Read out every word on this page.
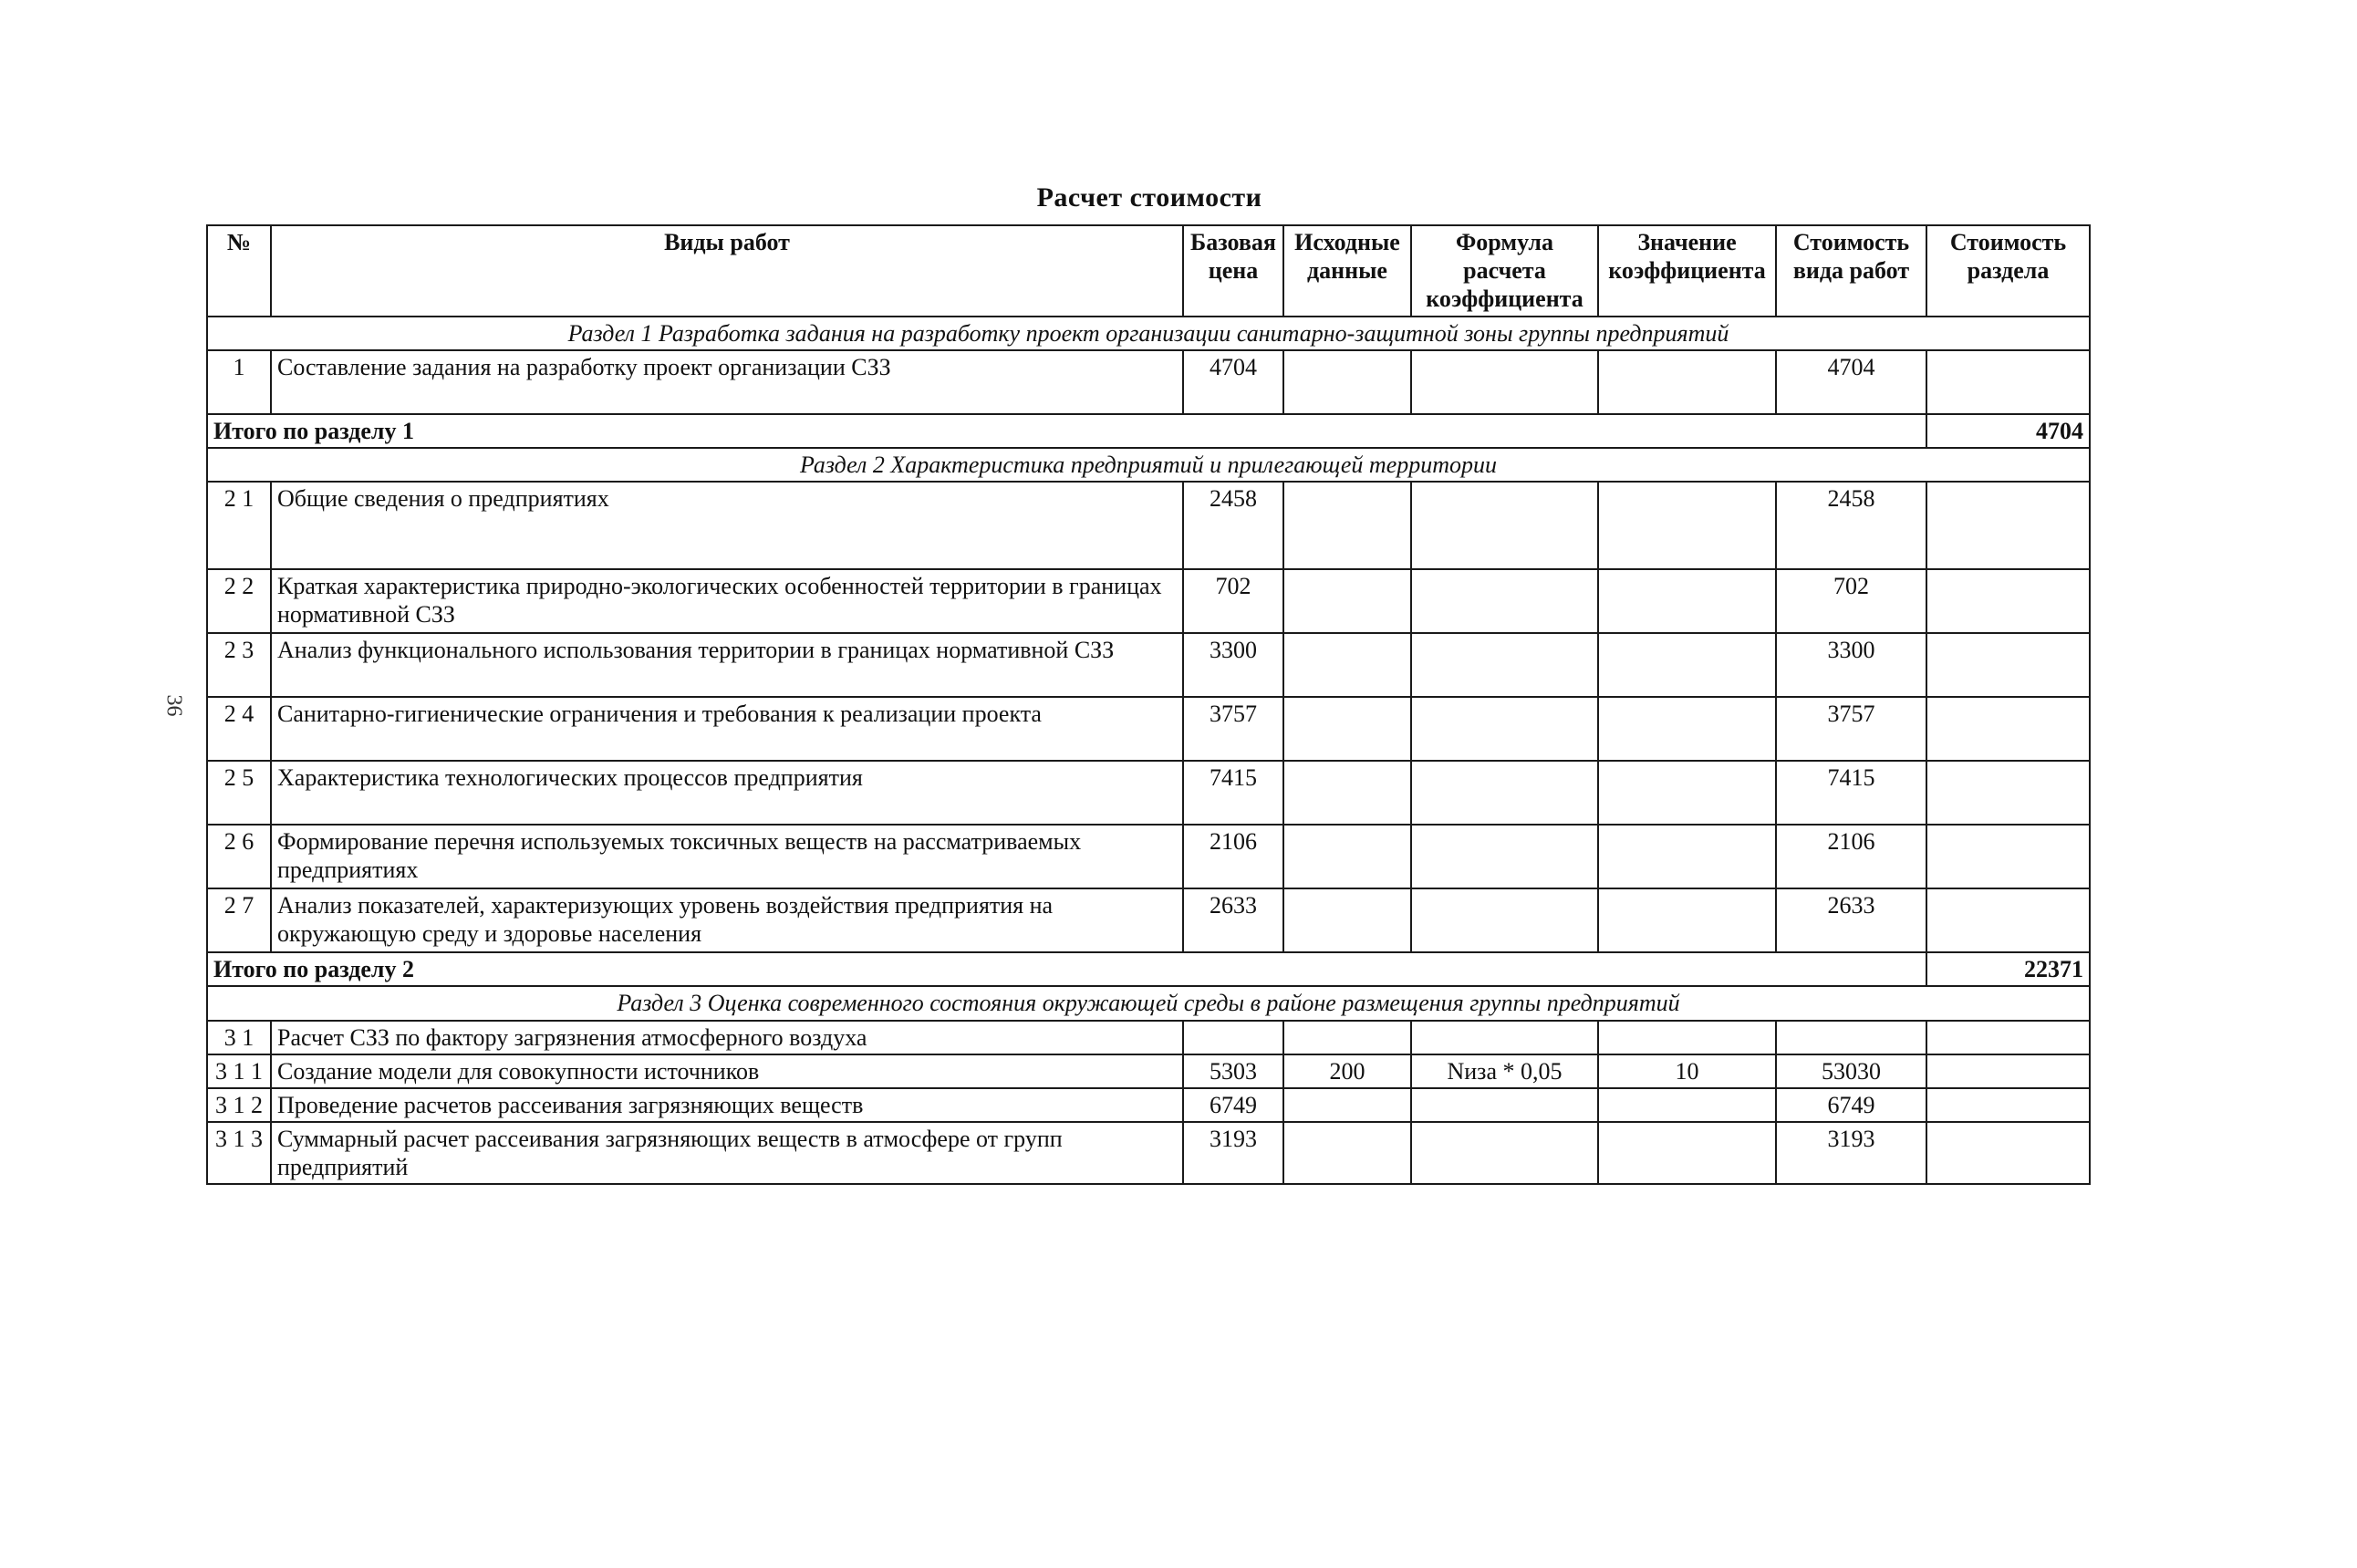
Расчет стоимости
36
№	Виды работ	Базовая цена	Исходные данные	Формула расчета коэффициента	Значение коэффициента	Стоимость вида работ	Стоимость раздела
Раздел 1 Разработка задания на разработку проект организации санитарно-защитной зоны группы предприятий							
1	Составление задания на разработку проект организации СЗЗ	4704				4704	
Итого по разделу 1							4704
Раздел 2 Характеристика предприятий и прилегающей территории							
2 1	Общие сведения о предприятиях	2458				2458	
2 2	Краткая характеристика природно-экологических особенностей территории в границах нормативной СЗЗ	702				702	
2 3	Анализ функционального использования территории в границах нормативной СЗЗ	3300				3300	
2 4	Санитарно-гигиенические ограничения и требования к реализации проекта	3757				3757	
2 5	Характеристика технологических процессов предприятия	7415				7415	
2 6	Формирование перечня используемых токсичных веществ на рассматриваемых предприятиях	2106				2106	
2 7	Анализ показателей, характеризующих уровень воздействия предприятия на окружающую среду и здоровье населения	2633				2633	
Итого по разделу 2							22371
Раздел 3 Оценка современного состояния окружающей среды в районе размещения группы предприятий							
3 1	Расчет СЗЗ по фактору загрязнения атмосферного воздуха						
3 1 1	Создание модели для совокупности источников	5303	200	Nиза * 0,05	10	53030	
3 1 2	Проведение расчетов рассеивания загрязняющих веществ	6749				6749	
3 1 3	Суммарный расчет рассеивания загрязняющих веществ в атмосфере от групп предприятий	3193				3193	
